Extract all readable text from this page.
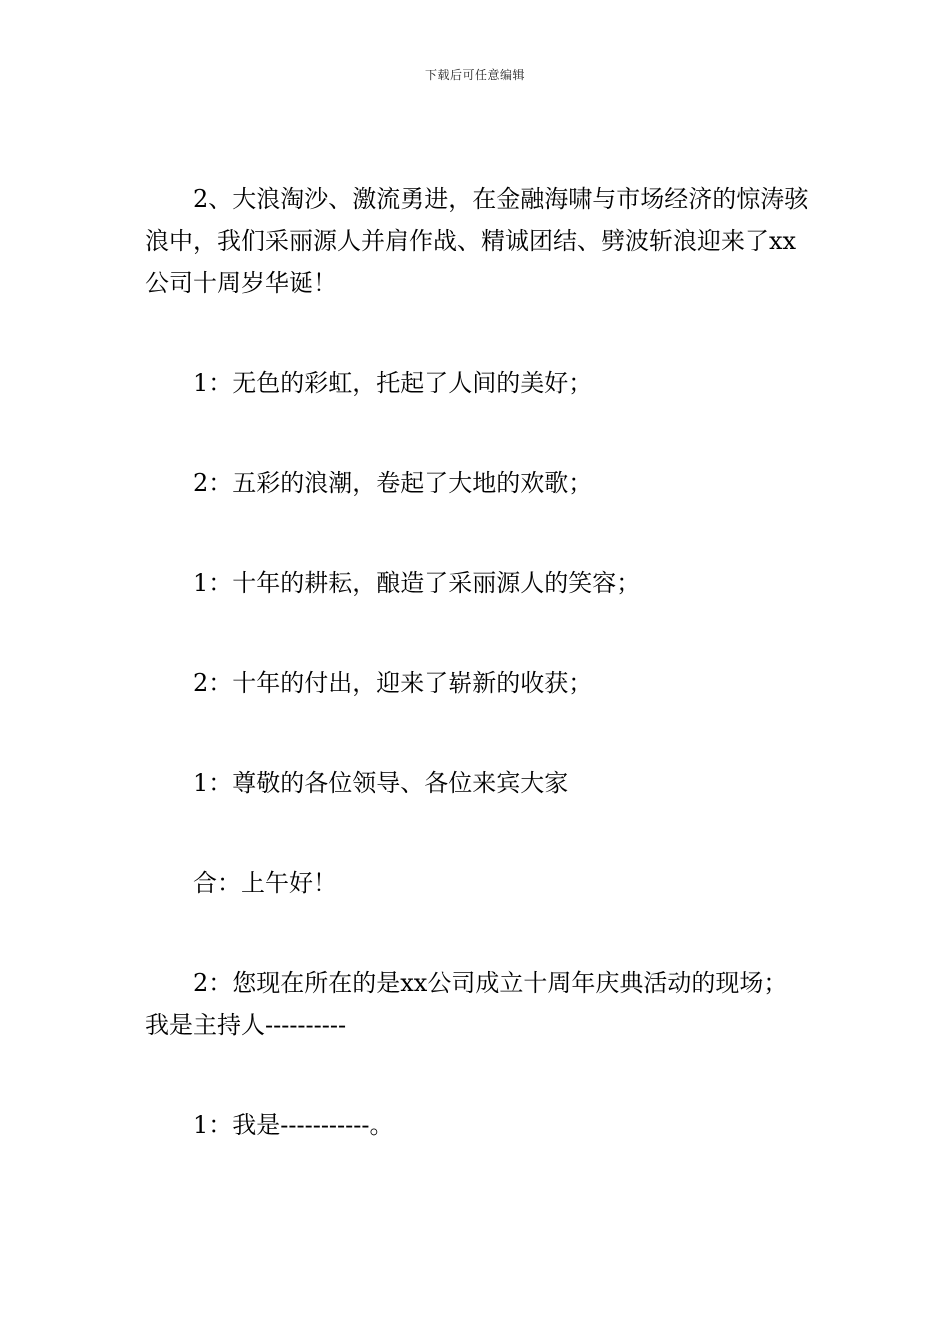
下载后可任意编辑

2、大浪淘沙、激流勇进，在金融海啸与市场经济的惊涛骇浪中，我们采丽源人并肩作战、精诚团结、劈波斩浪迎来了xx公司十周岁华诞！

1：无色的彩虹，托起了人间的美好；

2：五彩的浪潮，卷起了大地的欢歌；

1：十年的耕耘，酿造了采丽源人的笑容；

2：十年的付出，迎来了崭新的收获；

1：尊敬的各位领导、各位来宾大家

合：上午好！

2：您现在所在的是xx公司成立十周年庆典活动的现场；我是主持人----------

1：我是-----------。
